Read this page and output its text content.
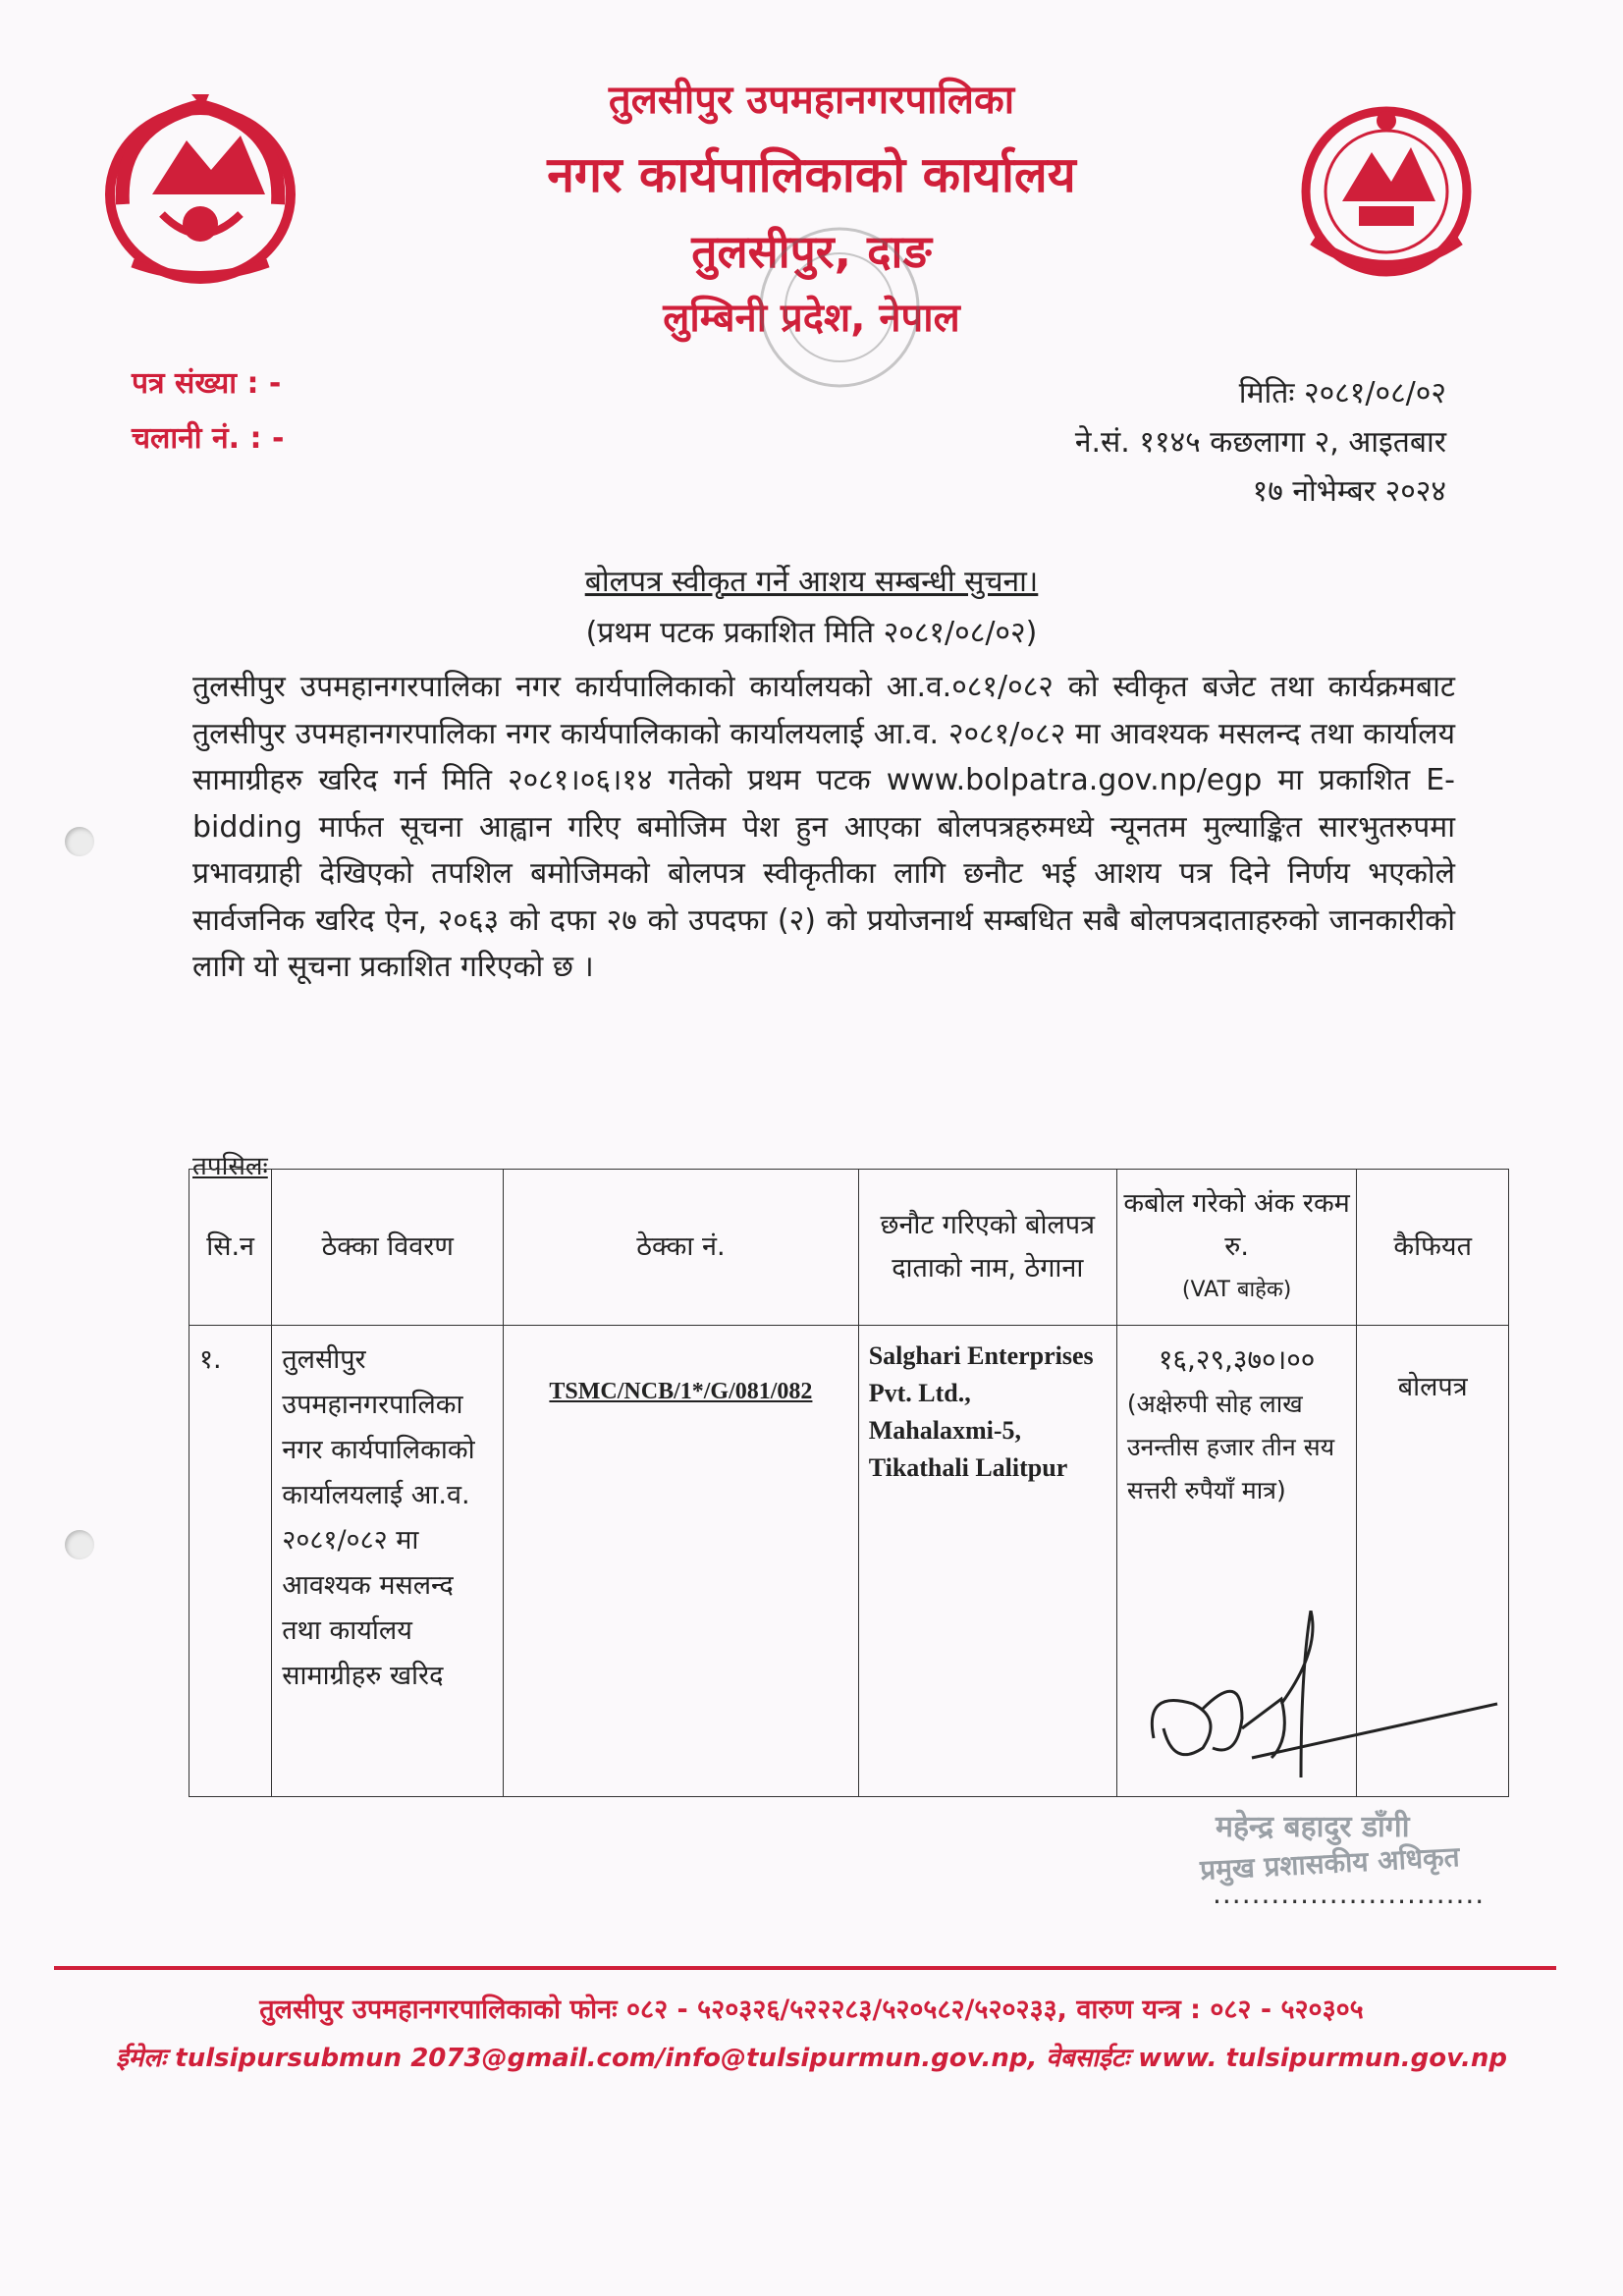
तुलसीपुर उपमहानगरपालिका
नगर कार्यपालिकाको कार्यालय
तुलसीपुर, दाङ
लुम्बिनी प्रदेश, नेपाल
पत्र संख्या : -
चलानी नं. : -
मितिः २०८१/०८/०२
ने.सं. ११४५ कछलागा २, आइतबार
१७ नोभेम्बर २०२४
बोलपत्र स्वीकृत गर्ने आशय सम्बन्धी सुचना।
(प्रथम पटक प्रकाशित मिति २०८१/०८/०२)
तुलसीपुर उपमहानगरपालिका नगर कार्यपालिकाको कार्यालयको आ.व.०८१/०८२ को स्वीकृत बजेट तथा कार्यक्रमबाट तुलसीपुर उपमहानगरपालिका नगर कार्यपालिकाको कार्यालयलाई आ.व. २०८१/०८२ मा आवश्यक मसलन्द तथा कार्यालय सामाग्रीहरु खरिद गर्न मिति २०८१।०६।१४ गतेको प्रथम पटक www.bolpatra.gov.np/egp मा प्रकाशित E-bidding मार्फत सूचना आह्वान गरिए बमोजिम पेश हुन आएका बोलपत्रहरुमध्ये न्यूनतम मुल्याङ्कित सारभुतरुपमा प्रभावग्राही देखिएको तपशिल बमोजिमको बोलपत्र स्वीकृतीका लागि छनौट भई आशय पत्र दिने निर्णय भएकोले सार्वजनिक खरिद ऐन, २०६३ को दफा २७ को उपदफा (२) को प्रयोजनार्थ सम्बधित सबै बोलपत्रदाताहरुको जानकारीको लागि यो सूचना प्रकाशित गरिएको छ ।
तपसिलः
सि.न	ठेक्का विवरण	ठेक्का नं.	छनौट गरिएको बोलपत्र दाताको नाम, ठेगाना	कबोल गरेको अंक रकम रु.
(VAT बाहेक)	कैफियत
१.	तुलसीपुर उपमहानगरपालिका नगर कार्यपालिकाको कार्यालयलाई आ.व. २०८१/०८२ मा आवश्यक मसलन्द तथा कार्यालय सामाग्रीहरु खरिद	TSMC/NCB/1*/G/081/082	Salghari Enterprises Pvt. Ltd., Mahalaxmi-5, Tikathali Lalitpur	१६,२९,३७०।००
(अक्षेरुपी सोह लाख उनन्तीस हजार तीन सय सत्तरी रुपैयाँ मात्र)	बोलपत्र
महेन्द्र बहादुर डाँगी
प्रमुख प्रशासकीय अधिकृत
............................
तुलसीपुर उपमहानगरपालिकाको फोनः ०८२ - ५२०३२६/५२२२८३/५२०५८२/५२०२३३, वारुण यन्त्र : ०८२ - ५२०३०५
ईमेलः tulsipursubmun 2073@gmail.com/info@tulsipurmun.gov.np, वेबसाईटः www. tulsipurmun.gov.np
